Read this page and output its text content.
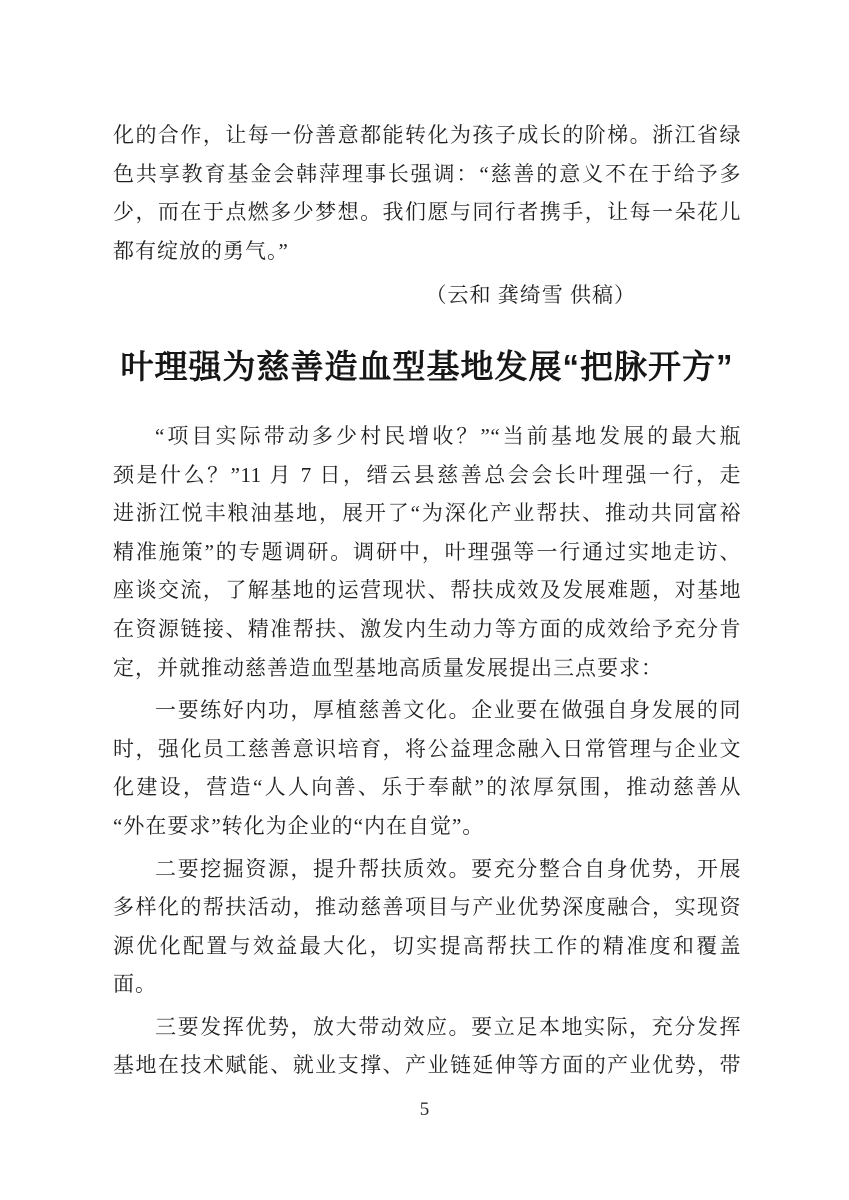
化的合作，让每一份善意都能转化为孩子成长的阶梯。浙江省绿
色共享教育基金会韩萍理事长强调：“慈善的意义不在于给予多
少，而在于点燃多少梦想。我们愿与同行者携手，让每一朵花儿
都有绽放的勇气。”
（云和 龚绮雪 供稿）
叶理强为慈善造血型基地发展“把脉开方”
“项目实际带动多少村民增收？”“当前基地发展的最大瓶
颈是什么？”11 月 7 日，缙云县慈善总会会长叶理强一行，走
进浙江悦丰粮油基地，展开了“为深化产业帮扶、推动共同富裕
精准施策”的专题调研。调研中，叶理强等一行通过实地走访、
座谈交流，了解基地的运营现状、帮扶成效及发展难题，对基地
在资源链接、精准帮扶、激发内生动力等方面的成效给予充分肯
定，并就推动慈善造血型基地高质量发展提出三点要求：
一要练好内功，厚植慈善文化。企业要在做强自身发展的同
时，强化员工慈善意识培育，将公益理念融入日常管理与企业文
化建设，营造“人人向善、乐于奉献”的浓厚氛围，推动慈善从
“外在要求”转化为企业的“内在自觉”。
二要挖掘资源，提升帮扶质效。要充分整合自身优势，开展
多样化的帮扶活动，推动慈善项目与产业优势深度融合，实现资
源优化配置与效益最大化，切实提高帮扶工作的精准度和覆盖
面。
三要发挥优势，放大带动效应。要立足本地实际，充分发挥
基地在技术赋能、就业支撑、产业链延伸等方面的产业优势，带
5
